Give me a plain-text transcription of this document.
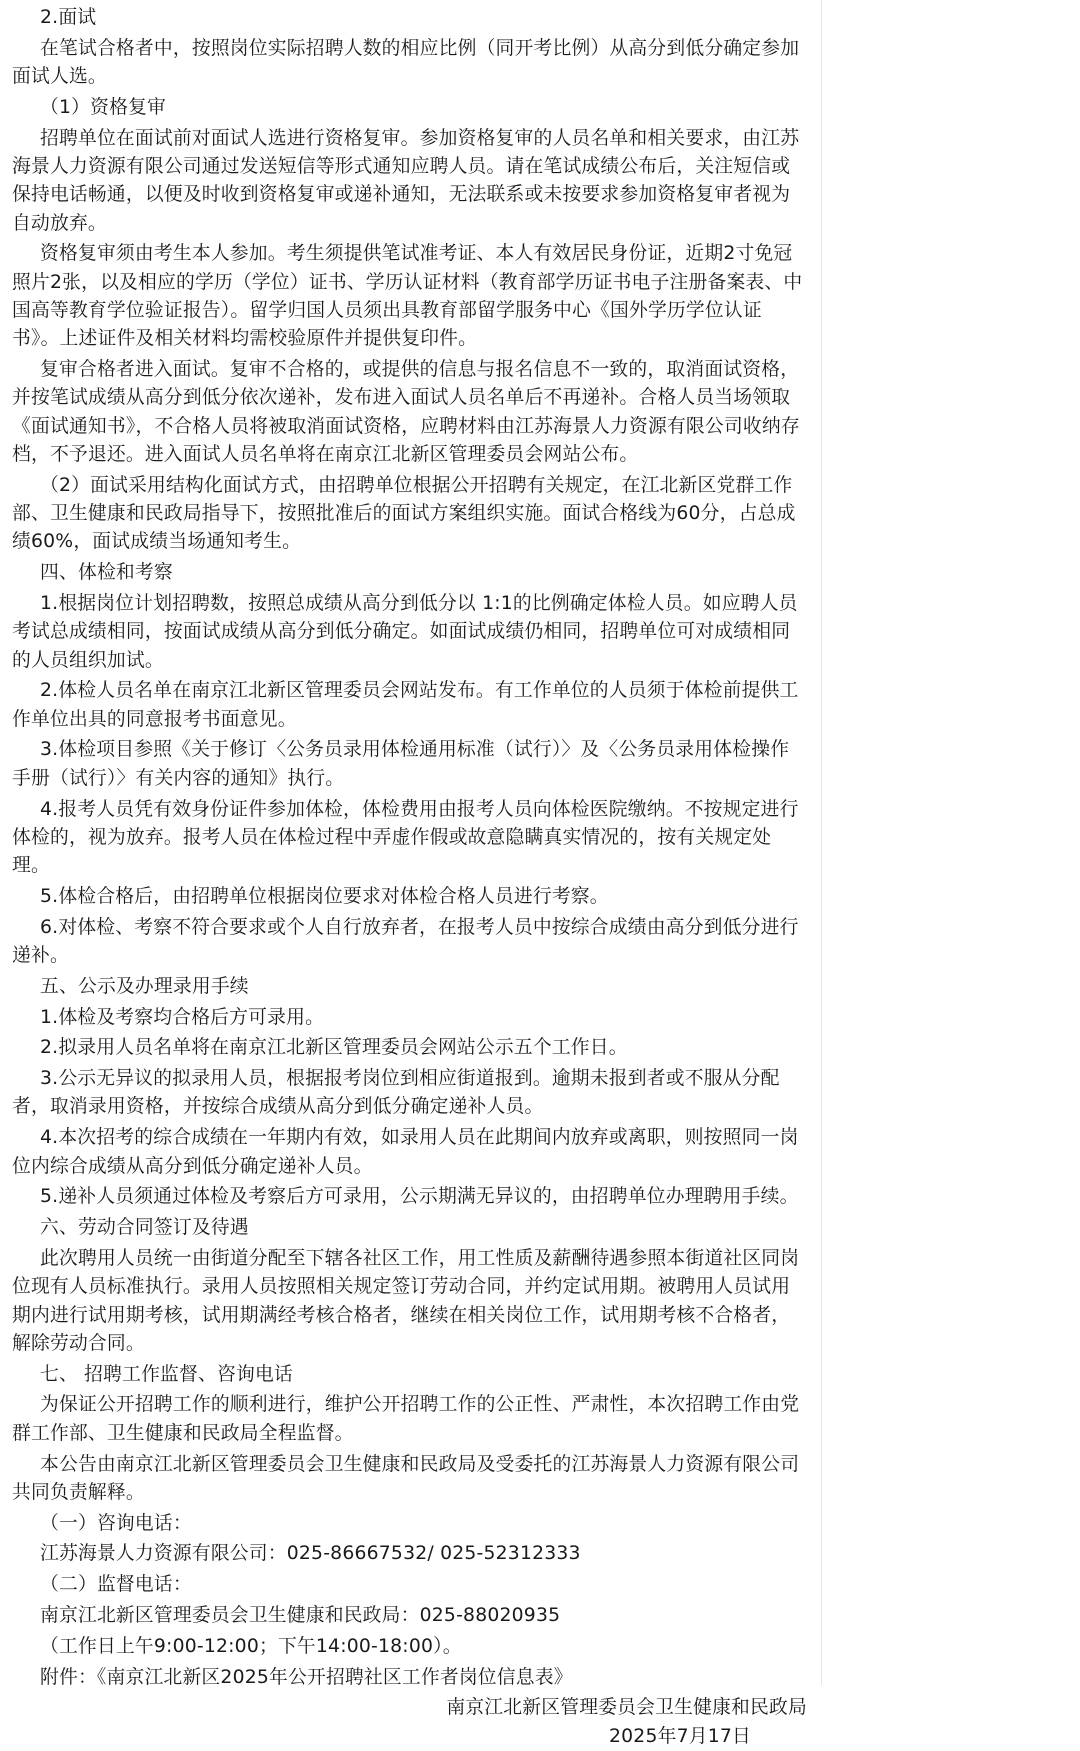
2.面试

在笔试合格者中，按照岗位实际招聘人数的相应比例（同开考比例）从高分到低分确定参加面试人选。

（1）资格复审

招聘单位在面试前对面试人选进行资格复审。参加资格复审的人员名单和相关要求，由江苏海景人力资源有限公司通过发送短信等形式通知应聘人员。请在笔试成绩公布后，关注短信或保持电话畅通，以便及时收到资格复审或递补通知，无法联系或未按要求参加资格复审者视为自动放弃。

资格复审须由考生本人参加。考生须提供笔试准考证、本人有效居民身份证，近期2寸免冠照片2张，以及相应的学历（学位）证书、学历认证材料（教育部学历证书电子注册备案表、中国高等教育学位验证报告）。留学归国人员须出具教育部留学服务中心《国外学历学位认证书》。上述证件及相关材料均需校验原件并提供复印件。

复审合格者进入面试。复审不合格的，或提供的信息与报名信息不一致的，取消面试资格，并按笔试成绩从高分到低分依次递补，发布进入面试人员名单后不再递补。合格人员当场领取《面试通知书》，不合格人员将被取消面试资格，应聘材料由江苏海景人力资源有限公司收纳存档，不予退还。进入面试人员名单将在南京江北新区管理委员会网站公布。

（2）面试采用结构化面试方式，由招聘单位根据公开招聘有关规定，在江北新区党群工作部、卫生健康和民政局指导下，按照批准后的面试方案组织实施。面试合格线为60分，占总成绩60%，面试成绩当场通知考生。

四、体检和考察

1.根据岗位计划招聘数，按照总成绩从高分到低分以 1:1的比例确定体检人员。如应聘人员考试总成绩相同，按面试成绩从高分到低分确定。如面试成绩仍相同，招聘单位可对成绩相同的人员组织加试。

2.体检人员名单在南京江北新区管理委员会网站发布。有工作单位的人员须于体检前提供工作单位出具的同意报考书面意见。

3.体检项目参照《关于修订〈公务员录用体检通用标准（试行）〉及〈公务员录用体检操作手册（试行）〉有关内容的通知》执行。

4.报考人员凭有效身份证件参加体检，体检费用由报考人员向体检医院缴纳。不按规定进行体检的，视为放弃。报考人员在体检过程中弄虚作假或故意隐瞒真实情况的，按有关规定处理。

5.体检合格后，由招聘单位根据岗位要求对体检合格人员进行考察。

6.对体检、考察不符合要求或个人自行放弃者，在报考人员中按综合成绩由高分到低分进行递补。

五、公示及办理录用手续

1.体检及考察均合格后方可录用。

2.拟录用人员名单将在南京江北新区管理委员会网站公示五个工作日。

3.公示无异议的拟录用人员，根据报考岗位到相应街道报到。逾期未报到者或不服从分配者，取消录用资格，并按综合成绩从高分到低分确定递补人员。

4.本次招考的综合成绩在一年期内有效，如录用人员在此期间内放弃或离职，则按照同一岗位内综合成绩从高分到低分确定递补人员。

5.递补人员须通过体检及考察后方可录用，公示期满无异议的，由招聘单位办理聘用手续。

六、劳动合同签订及待遇

此次聘用人员统一由街道分配至下辖各社区工作，用工性质及薪酬待遇参照本街道社区同岗位现有人员标准执行。录用人员按照相关规定签订劳动合同，并约定试用期。被聘用人员试用期内进行试用期考核，试用期满经考核合格者，继续在相关岗位工作，试用期考核不合格者，解除劳动合同。

七、 招聘工作监督、咨询电话

为保证公开招聘工作的顺利进行，维护公开招聘工作的公正性、严肃性，本次招聘工作由党群工作部、卫生健康和民政局全程监督。

本公告由南京江北新区管理委员会卫生健康和民政局及受委托的江苏海景人力资源有限公司共同负责解释。

（一）咨询电话：

江苏海景人力资源有限公司：025-86667532/ 025-52312333

（二）监督电话：

南京江北新区管理委员会卫生健康和民政局：025-88020935

（工作日上午9:00-12:00；下午14:00-18:00）。

附件：《南京江北新区2025年公开招聘社区工作者岗位信息表》

南京江北新区管理委员会卫生健康和民政局

2025年7月17日
